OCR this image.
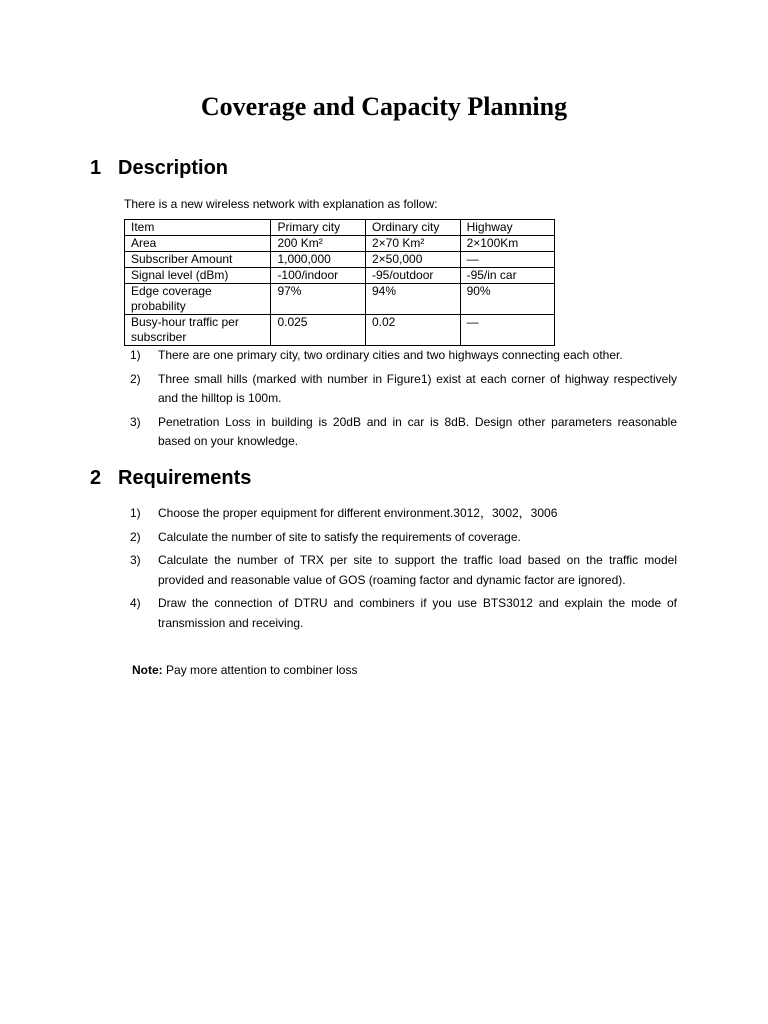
Coverage and Capacity Planning
1 Description

There is a new wireless network with explanation as follow:

Item	Primary city	Ordinary city	Highway
Area	200 Km²	2×70 Km²	2×100Km
Subscriber Amount	1,000,000	2×50,000	—
Signal level (dBm)	-100/indoor	-95/outdoor	-95/in car
Edge coverage probability	97%	94%	90%
Busy-hour traffic per subscriber	0.025	0.02	—
1) There are one primary city, two ordinary cities and two highways connecting each other.
2) Three small hills (marked with number in Figure1) exist at each corner of highway respectively and the hilltop is 100m.
3) Penetration Loss in building is 20dB and in car is 8dB. Design other parameters reasonable based on your knowledge.
2 Requirements
1) Choose the proper equipment for different environment.3012，3002，3006
2) Calculate the number of site to satisfy the requirements of coverage.
3) Calculate the number of TRX per site to support the traffic load based on the traffic model provided and reasonable value of GOS (roaming factor and dynamic factor are ignored).
4) Draw the connection of DTRU and combiners if you use BTS3012 and explain the mode of transmission and receiving.

Note: Pay more attention to combiner loss
